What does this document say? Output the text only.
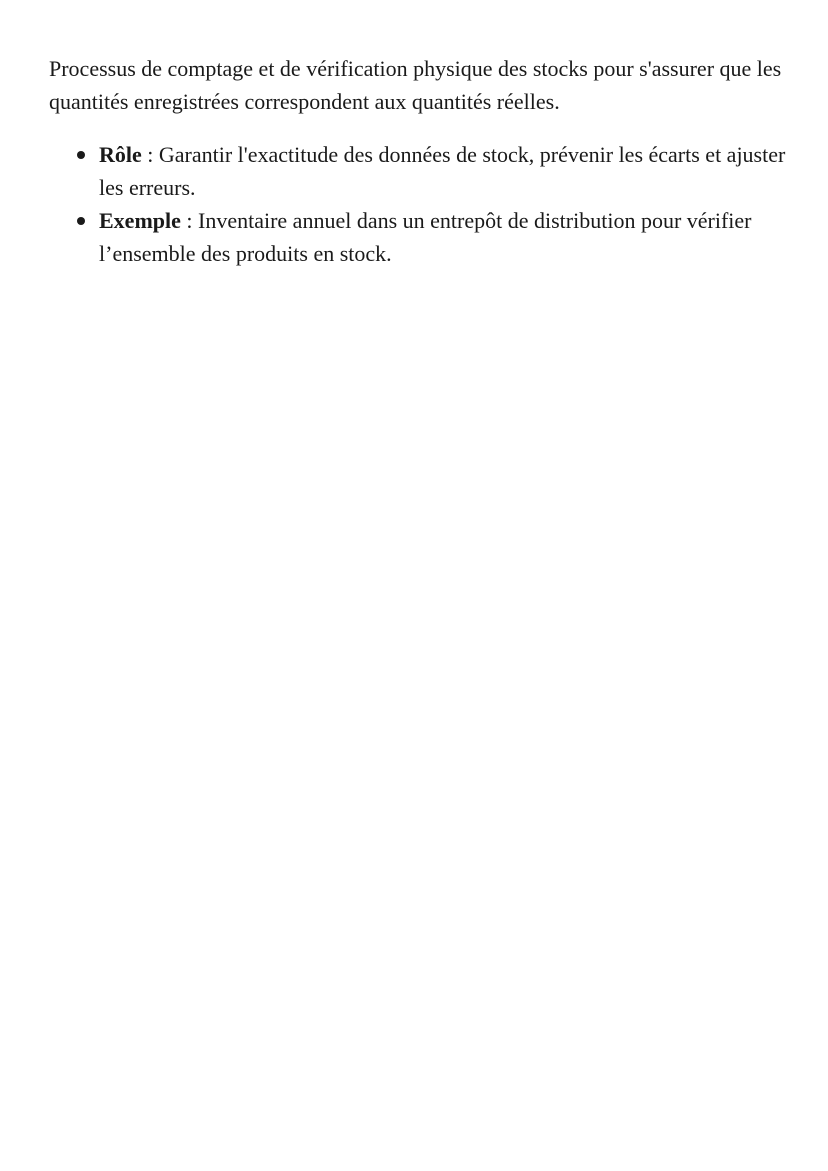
Processus de comptage et de vérification physique des stocks pour s'assurer que les quantités enregistrées correspondent aux quantités réelles.

Rôle : Garantir l'exactitude des données de stock, prévenir les écarts et ajuster les erreurs.
Exemple : Inventaire annuel dans un entrepôt de distribution pour vérifier l’ensemble des produits en stock.
